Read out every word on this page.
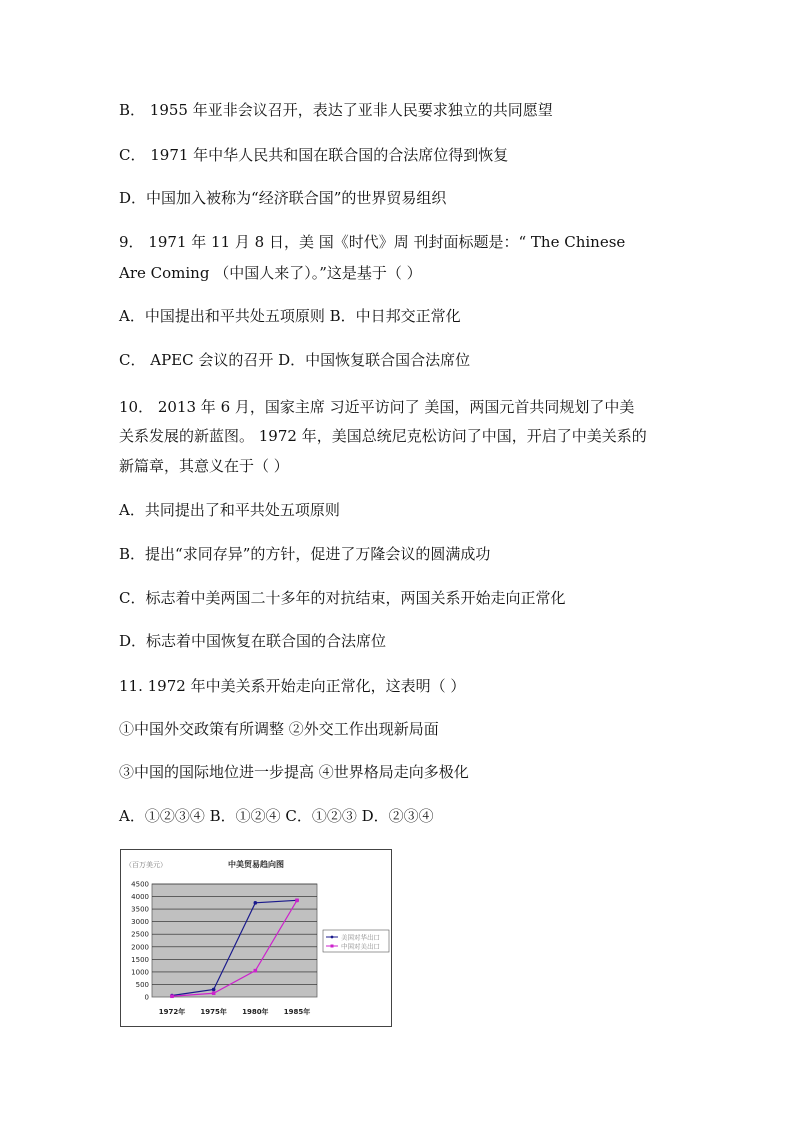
B． 1955 年亚非会议召开，表达了亚非人民要求独立的共同愿望
C． 1971 年中华人民共和国在联合国的合法席位得到恢复
D．中国加入被称为“经济联合国”的世界贸易组织
9． 1971 年 11 月 8 日，美 国《时代》周 刊封面标题是：“ The Chinese
Are Coming （中国人来了）。”这是基于（ ）
A．中国提出和平共处五项原则 B．中日邦交正常化
C． APEC 会议的召开 D．中国恢复联合国合法席位
10． 2013 年 6 月，国家主席 习近平访问了 美国，两国元首共同规划了中美
关系发展的新蓝图。 1972 年，美国总统尼克松访问了中国，开启了中美关系的
新篇章，其意义在于（ ）
A．共同提出了和平共处五项原则
B．提出“求同存异”的方针，促进了万隆会议的圆满成功
C．标志着中美两国二十多年的对抗结束，两国关系开始走向正常化
D．标志着中国恢复在联合国的合法席位
11. 1972 年中美关系开始走向正常化，这表明（ ）
①中国外交政策有所调整 ②外交工作出现新局面
③中国的国际地位进一步提高 ④世界格局走向多极化
A．①②③④ B．①②④ C．①②③ D．②③④
（百万美元）	中美贸易趋向图
4500
4000
3500
3000
2500
2000
1500
1000
500
0
1972年 1975年 1980年 1985年
美国对华出口
中国对美出口
